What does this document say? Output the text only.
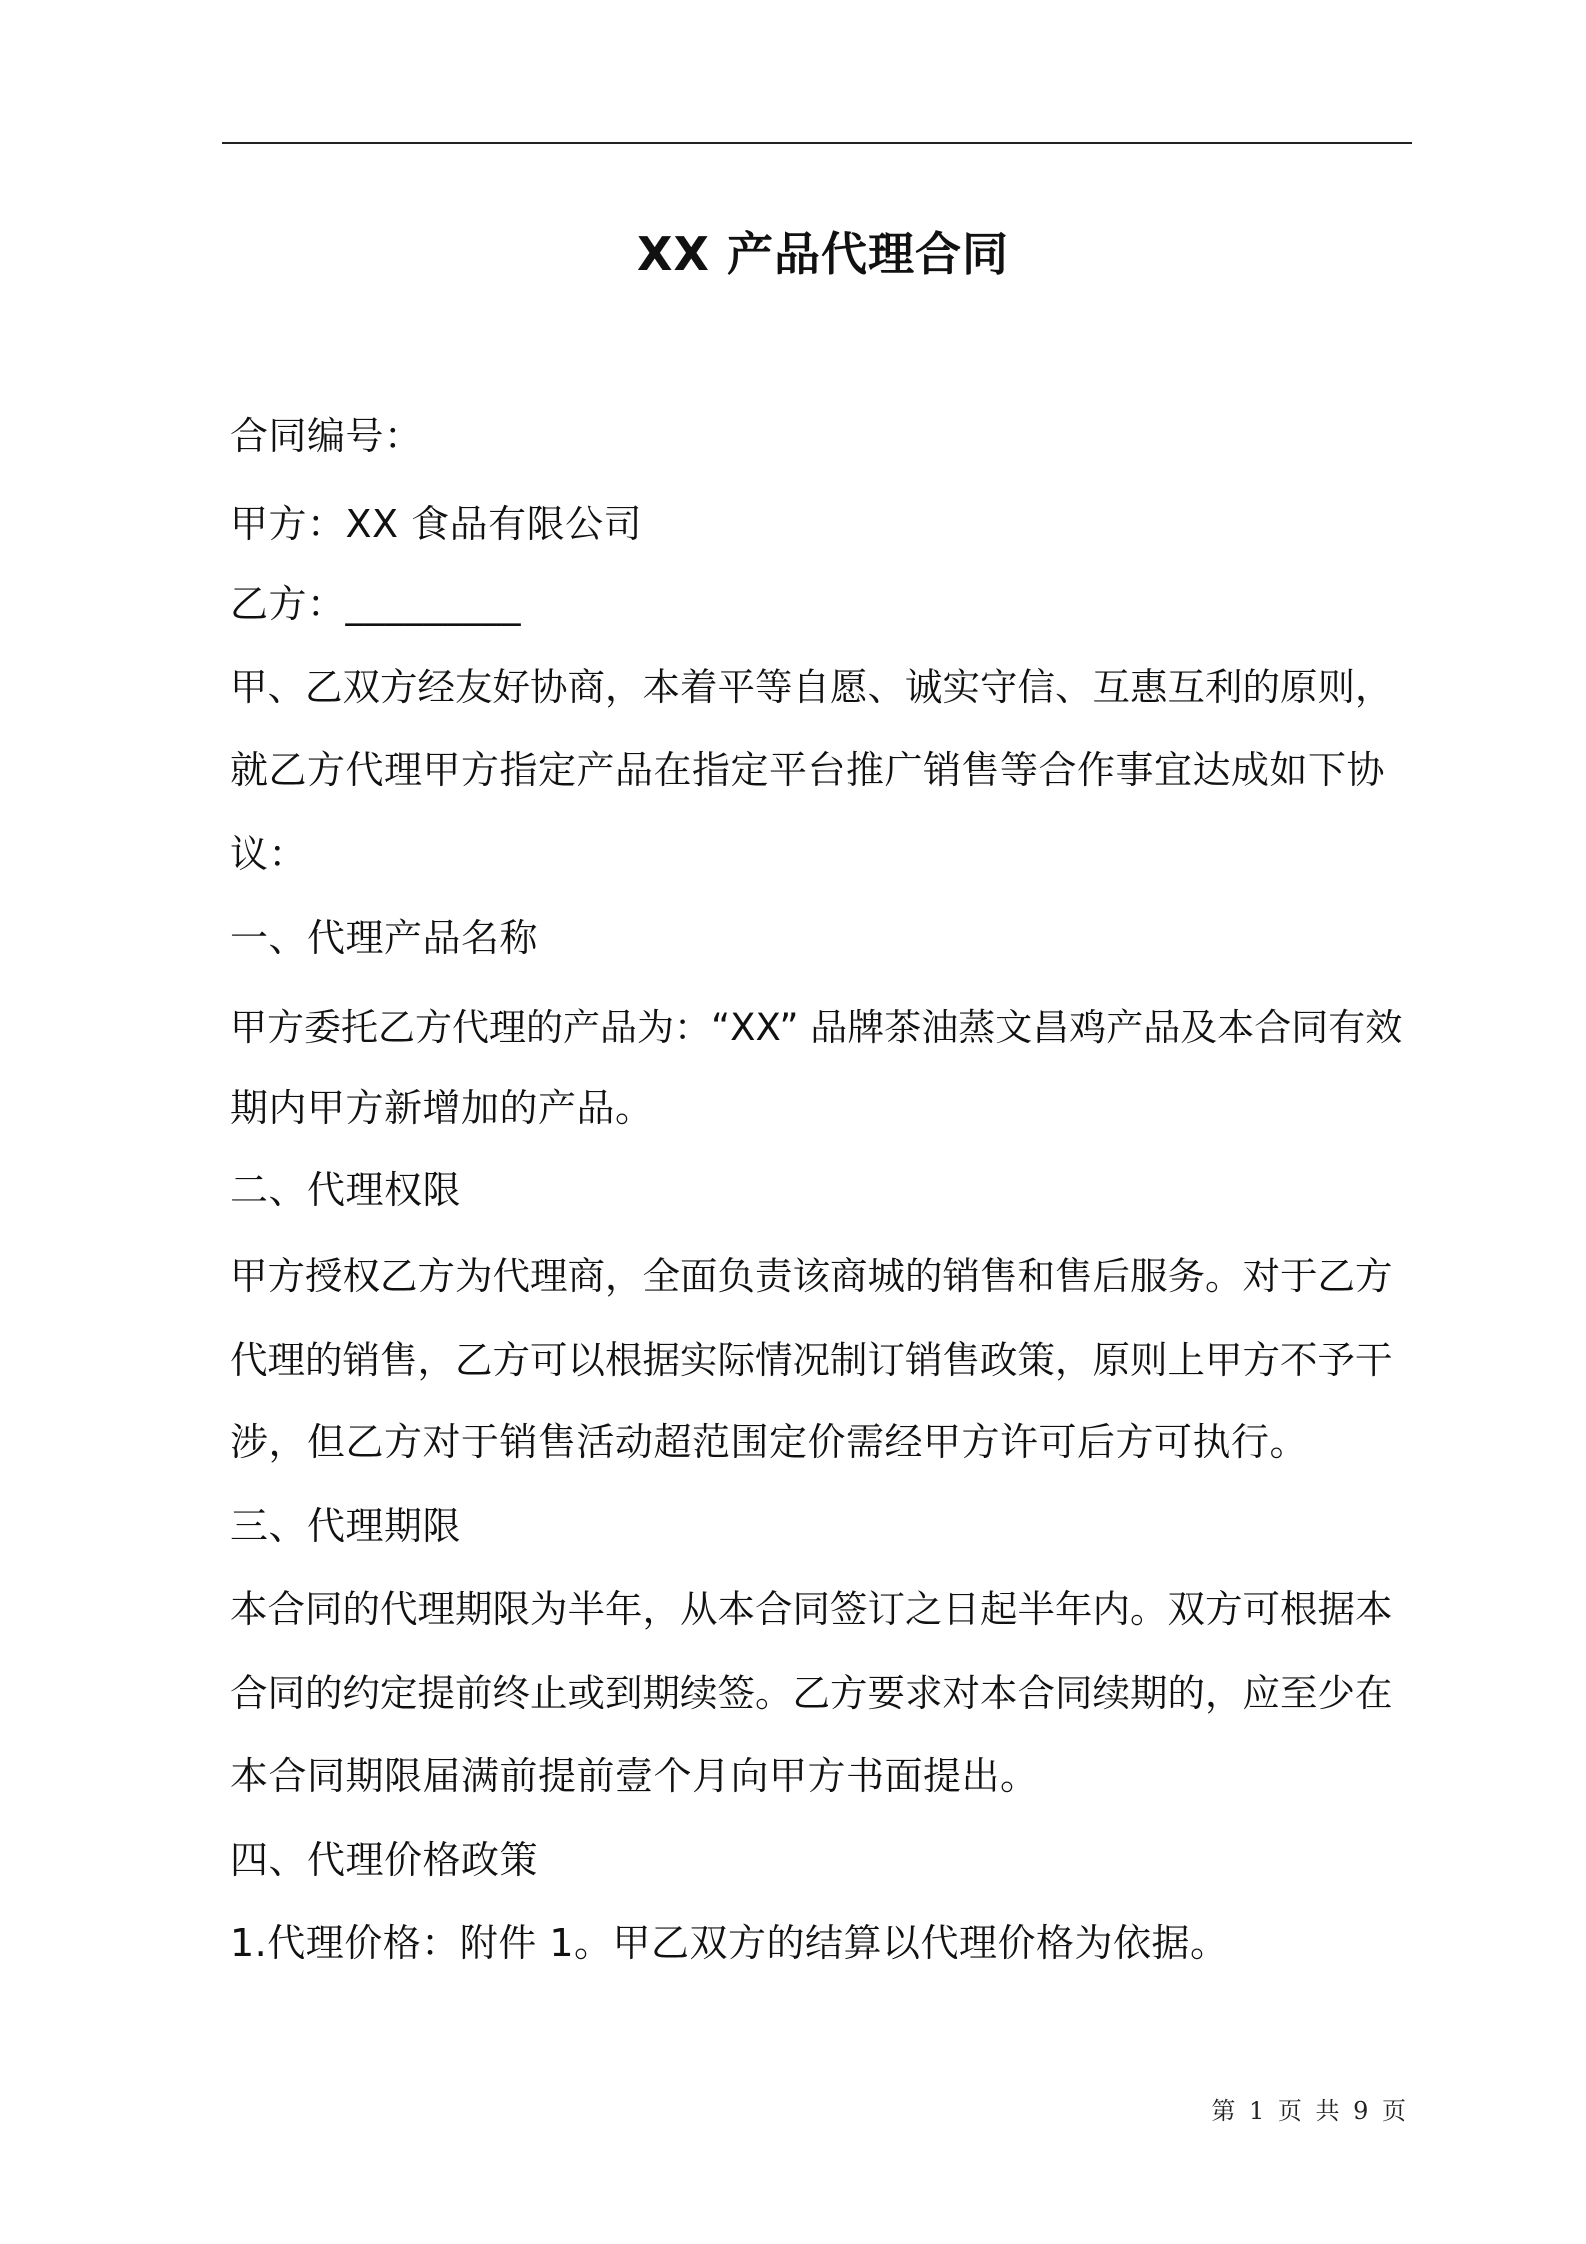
XX 产品代理合同
合同编号：
甲方：XX 食品有限公司
乙方：_________
甲、乙双方经友好协商，本着平等自愿、诚实守信、互惠互利的原则，
就乙方代理甲方指定产品在指定平台推广销售等合作事宜达成如下协
议：
一、代理产品名称
甲方委托乙方代理的产品为：“XX” 品牌茶油蒸文昌鸡产品及本合同有效
期内甲方新增加的产品。
二、代理权限
甲方授权乙方为代理商，全面负责该商城的销售和售后服务。对于乙方
代理的销售，乙方可以根据实际情况制订销售政策，原则上甲方不予干
涉，但乙方对于销售活动超范围定价需经甲方许可后方可执行。
三、代理期限
本合同的代理期限为半年，从本合同签订之日起半年内。双方可根据本
合同的约定提前终止或到期续签。乙方要求对本合同续期的，应至少在
本合同期限届满前提前壹个月向甲方书面提出。
四、代理价格政策
1.代理价格：附件 1。甲乙双方的结算以代理价格为依据。
第 1 页 共 9 页
